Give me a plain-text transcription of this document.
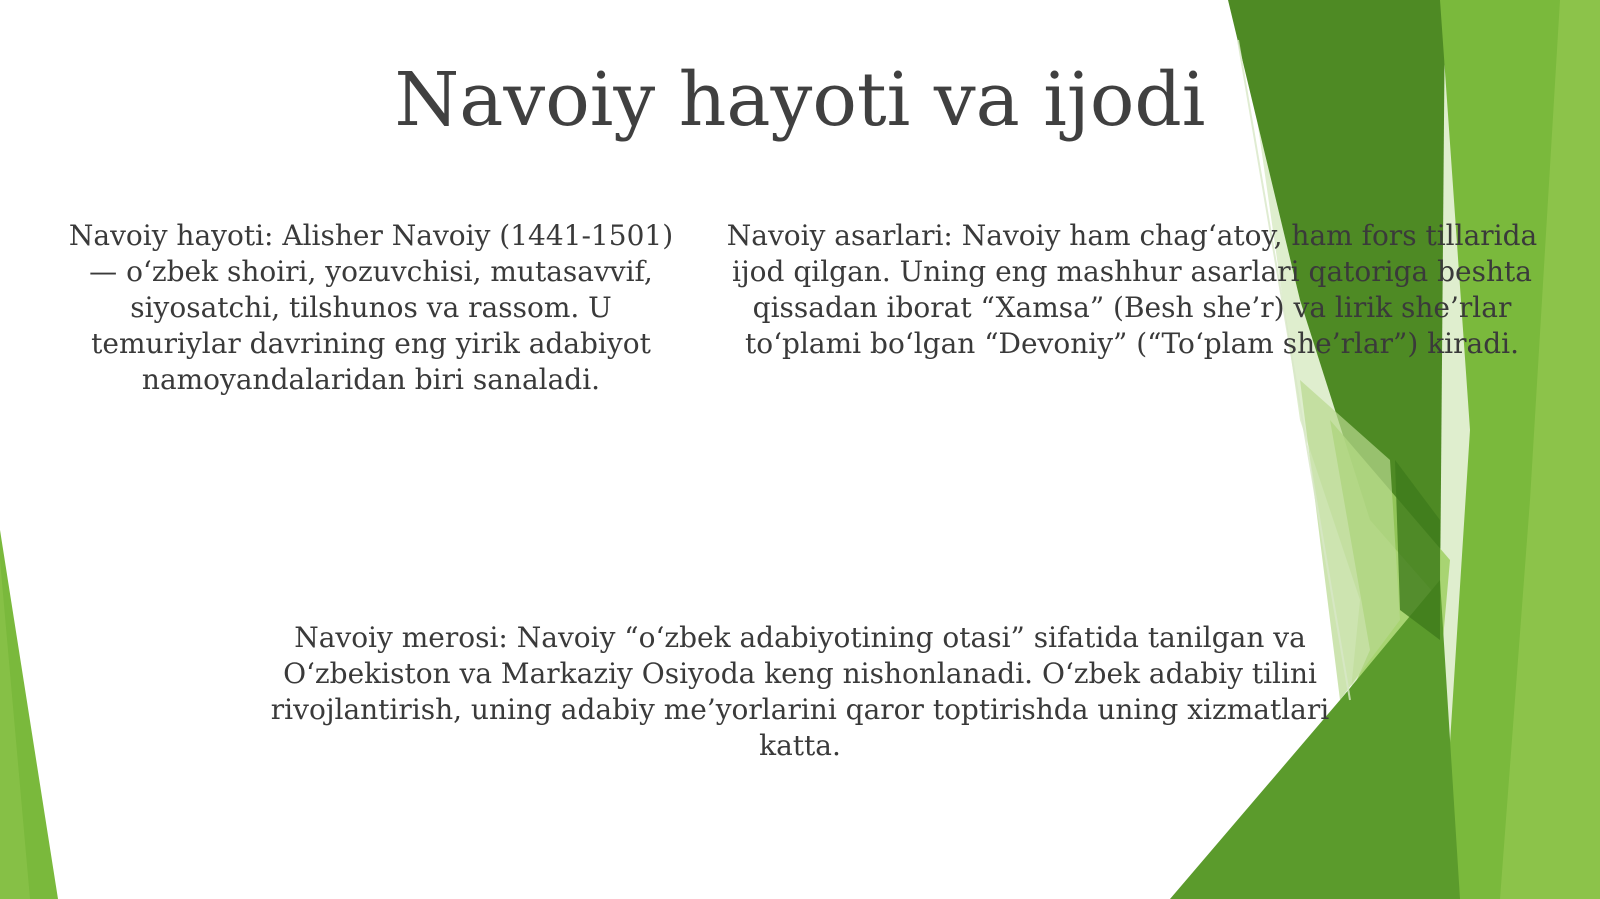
Navoiy hayoti va ijodi

Navoiy hayoti: Alisher Navoiy (1441-1501) — o‘zbek shoiri, yozuvchisi, mutasavvif, siyosatchi, tilshunos va rassom. U temuriylar davrining eng yirik adabiyot namoyandalaridan biri sanaladi.

Navoiy asarlari: Navoiy ham chag‘atoy, ham fors tillarida ijod qilgan. Uning eng mashhur asarlari qatoriga beshta qissadan iborat “Xamsa” (Besh she’r) va lirik she’rlar to‘plami bo‘lgan “Devoniy” (“To‘plam she’rlar”) kiradi.

Navoiy merosi: Navoiy “o‘zbek adabiyotining otasi” sifatida tanilgan va O‘zbekiston va Markaziy Osiyoda keng nishonlanadi. O‘zbek adabiy tilini rivojlantirish, uning adabiy me’yorlarini qaror toptirishda uning xizmatlari katta.
